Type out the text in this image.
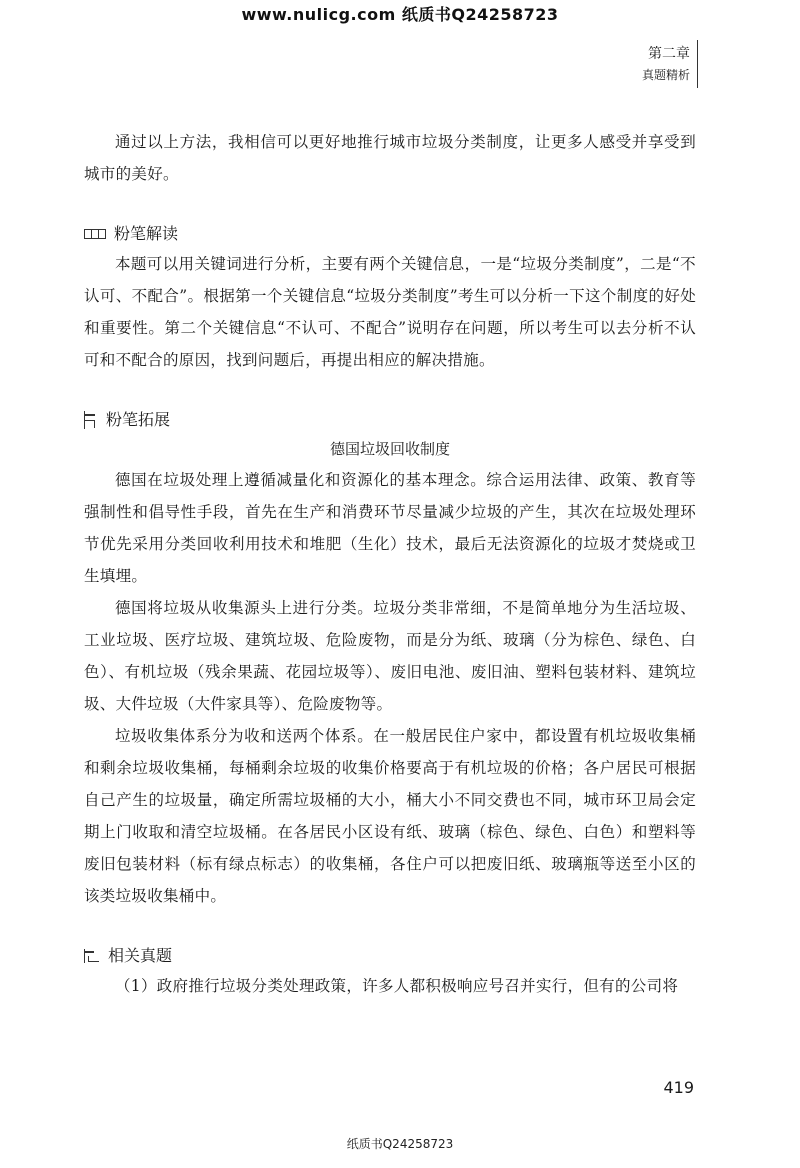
www.nulicg.com 纸质书Q24258723
第二章
真题精析

通过以上方法，我相信可以更好地推行城市垃圾分类制度，让更多人感受并享受到城市的美好。

粉笔解读

本题可以用关键词进行分析，主要有两个关键信息，一是“垃圾分类制度”，二是“不认可、不配合”。根据第一个关键信息“垃圾分类制度”考生可以分析一下这个制度的好处和重要性。第二个关键信息“不认可、不配合”说明存在问题，所以考生可以去分析不认可和不配合的原因，找到问题后，再提出相应的解决措施。

粉笔拓展
德国垃圾回收制度

德国在垃圾处理上遵循减量化和资源化的基本理念。综合运用法律、政策、教育等强制性和倡导性手段，首先在生产和消费环节尽量减少垃圾的产生，其次在垃圾处理环节优先采用分类回收利用技术和堆肥（生化）技术，最后无法资源化的垃圾才焚烧或卫生填埋。

德国将垃圾从收集源头上进行分类。垃圾分类非常细，不是简单地分为生活垃圾、工业垃圾、医疗垃圾、建筑垃圾、危险废物，而是分为纸、玻璃（分为棕色、绿色、白色）、有机垃圾（残余果蔬、花园垃圾等）、废旧电池、废旧油、塑料包装材料、建筑垃圾、大件垃圾（大件家具等）、危险废物等。

垃圾收集体系分为收和送两个体系。在一般居民住户家中，都设置有机垃圾收集桶和剩余垃圾收集桶，每桶剩余垃圾的收集价格要高于有机垃圾的价格；各户居民可根据自己产生的垃圾量，确定所需垃圾桶的大小，桶大小不同交费也不同，城市环卫局会定期上门收取和清空垃圾桶。在各居民小区设有纸、玻璃（棕色、绿色、白色）和塑料等废旧包装材料（标有绿点标志）的收集桶，各住户可以把废旧纸、玻璃瓶等送至小区的该类垃圾收集桶中。

相关真题

（1）政府推行垃圾分类处理政策，许多人都积极响应号召并实行，但有的公司将

419
纸质书Q24258723
